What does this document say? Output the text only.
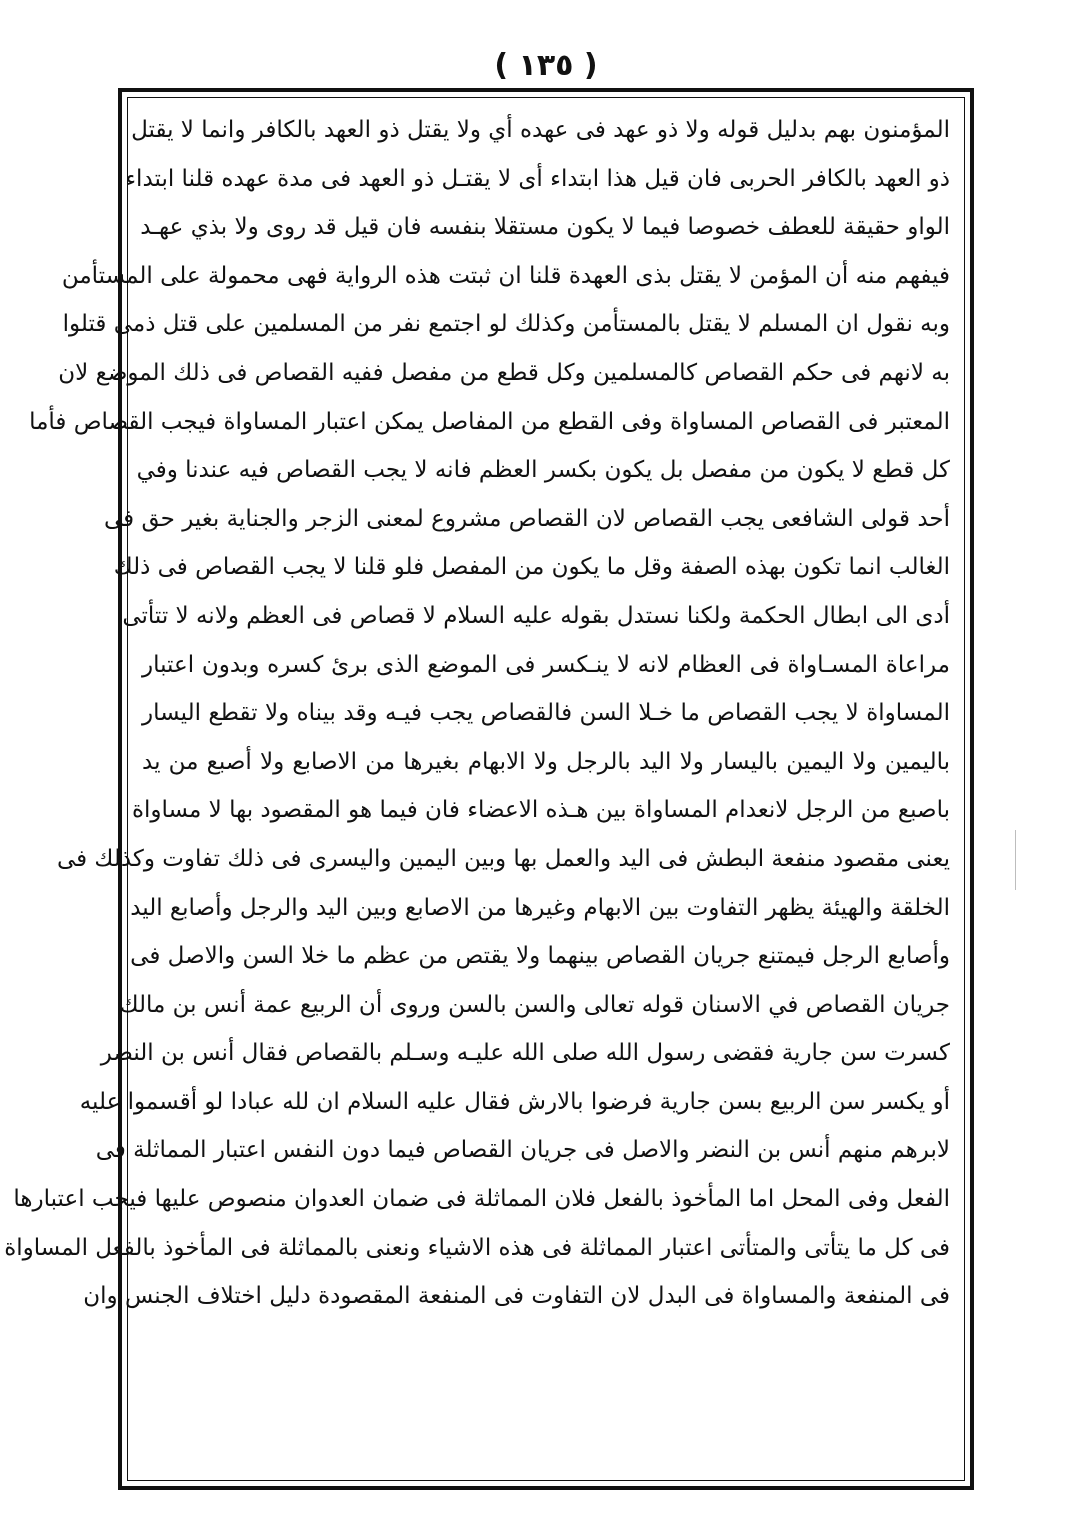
( ١٣٥ )
المؤمنون بهم بدليل قوله ولا ذو عهد فى عهده أي ولا يقتل ذو العهد بالكافر وانما لا يقتل
ذو العهد بالكافر الحربى فان قيل هذا ابتداء أى لا يقتـل ذو العهد فى مدة عهده قلنا ابتداء
الواو حقيقة للعطف خصوصا فيما لا يكون مستقلا بنفسه فان قيل قد روى ولا بذي عهـد
فيفهم منه أن المؤمن لا يقتل بذى العهدة قلنا ان ثبتت هذه الرواية فهى محمولة على المستأمن
وبه نقول ان المسلم لا يقتل بالمستأمن وكذلك لو اجتمع نفر من المسلمين على قتل ذمى قتلوا
به لانهم فى حكم القصاص كالمسلمين وكل قطع من مفصل ففيه القصاص فى ذلك الموضع لان
المعتبر فى القصاص المساواة وفى القطع من المفاصل يمكن اعتبار المساواة فيجب القصاص فأما
كل قطع لا يكون من مفصل بل يكون بكسر العظم فانه لا يجب القصاص فيه عندنا وفي
أحد قولى الشافعى يجب القصاص لان القصاص مشروع لمعنى الزجر والجناية بغير حق فى
الغالب انما تكون بهذه الصفة وقل ما يكون من المفصل فلو قلنا لا يجب القصاص فى ذلك
أدى الى ابطال الحكمة ولكنا نستدل بقوله عليه السلام لا قصاص فى العظم ولانه لا تتأتى
مراعاة المسـاواة فى العظام لانه لا ينـكسر فى الموضع الذى برئ كسره وبدون اعتبار
المساواة لا يجب القصاص ما خـلا السن فالقصاص يجب فيـه وقد بيناه ولا تقطع اليسار
باليمين ولا اليمين باليسار ولا اليد بالرجل ولا الابهام بغيرها من الاصابع ولا أصبع من يد
باصبع من الرجل لانعدام المساواة بين هـذه الاعضاء فان فيما هو المقصود بها لا مساواة
يعنى مقصود منفعة البطش فى اليد والعمل بها وبين اليمين واليسرى فى ذلك تفاوت وكذلك فى
الخلقة والهيئة يظهر التفاوت بين الابهام وغيرها من الاصابع وبين اليد والرجل وأصابع اليد
وأصابع الرجل فيمتنع جريان القصاص بينهما ولا يقتص من عظم ما خلا السن والاصل فى
جريان القصاص في الاسنان قوله تعالى والسن بالسن وروى أن الربيع عمة أنس بن مالك
كسرت سن جارية فقضى رسول الله صلى الله عليـه وسـلم بالقصاص فقال أنس بن النضر
أو يكسر سن الربيع بسن جارية فرضوا بالارش فقال عليه السلام ان لله عبادا لو أقسموا عليه
لابرهم منهم أنس بن النضر والاصل فى جريان القصاص فيما دون النفس اعتبار المماثلة فى
الفعل وفى المحل اما المأخوذ بالفعل فلان المماثلة فى ضمان العدوان منصوص عليها فيجب اعتبارها
فى كل ما يتأتى والمتأتى اعتبار المماثلة فى هذه الاشياء ونعنى بالمماثلة فى المأخوذ بالفعل المساواة
فى المنفعة والمساواة فى البدل لان التفاوت فى المنفعة المقصودة دليل اختلاف الجنس وان
